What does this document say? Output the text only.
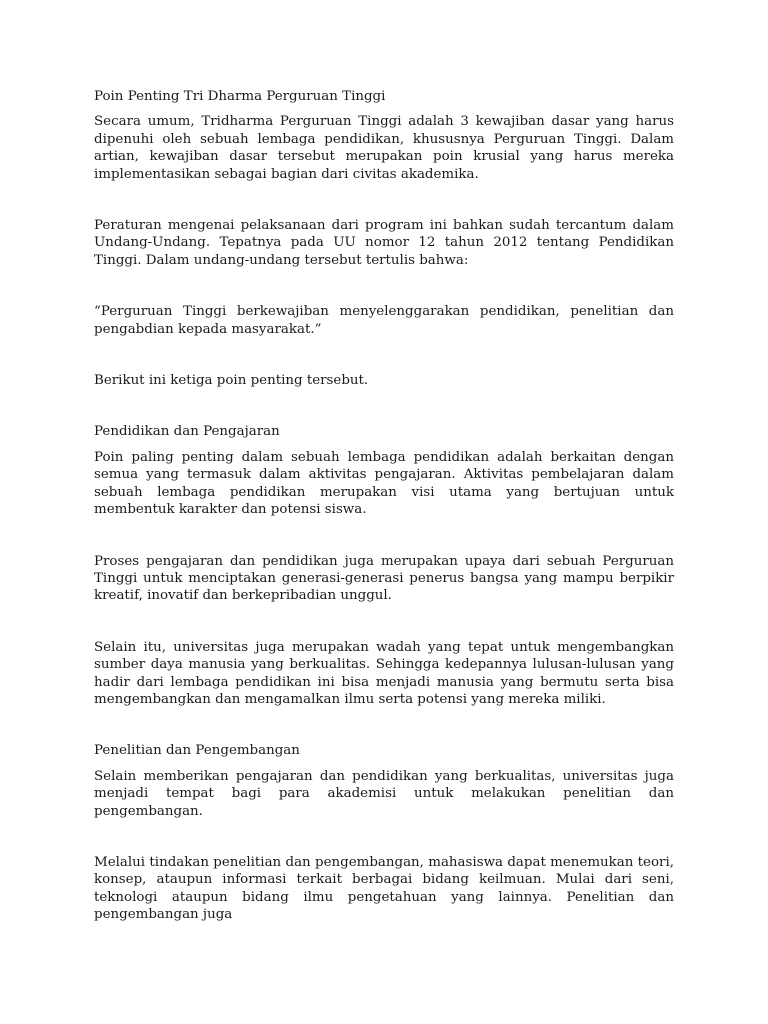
Poin Penting Tri Dharma Perguruan Tinggi

Secara umum, Tridharma Perguruan Tinggi adalah 3 kewajiban dasar yang harus dipenuhi oleh sebuah lembaga pendidikan, khususnya Perguruan Tinggi. Dalam artian, kewajiban dasar tersebut merupakan poin krusial yang harus mereka implementasikan sebagai bagian dari civitas akademika.

Peraturan mengenai pelaksanaan dari program ini bahkan sudah tercantum dalam Undang-Undang. Tepatnya pada UU nomor 12 tahun 2012 tentang Pendidikan Tinggi. Dalam undang-undang tersebut tertulis bahwa:

“Perguruan Tinggi berkewajiban menyelenggarakan pendidikan, penelitian dan pengabdian kepada masyarakat.”

Berikut ini ketiga poin penting tersebut.

Pendidikan dan Pengajaran

Poin paling penting dalam sebuah lembaga pendidikan adalah berkaitan dengan semua yang termasuk dalam aktivitas pengajaran. Aktivitas pembelajaran dalam sebuah lembaga pendidikan merupakan visi utama yang bertujuan untuk membentuk karakter dan potensi siswa.

Proses pengajaran dan pendidikan juga merupakan upaya dari sebuah Perguruan Tinggi untuk menciptakan generasi-generasi penerus bangsa yang mampu berpikir kreatif, inovatif dan berkepribadian unggul.

Selain itu, universitas juga merupakan wadah yang tepat untuk mengembangkan sumber daya manusia yang berkualitas. Sehingga kedepannya lulusan-lulusan yang hadir dari lembaga pendidikan ini bisa menjadi manusia yang bermutu serta bisa mengembangkan dan mengamalkan ilmu serta potensi yang mereka miliki.

Penelitian dan Pengembangan

Selain memberikan pengajaran dan pendidikan yang berkualitas, universitas juga menjadi tempat bagi para akademisi untuk melakukan penelitian dan pengembangan.

Melalui tindakan penelitian dan pengembangan, mahasiswa dapat menemukan teori, konsep, ataupun informasi terkait berbagai bidang keilmuan. Mulai dari seni, teknologi ataupun bidang ilmu pengetahuan yang lainnya. Penelitian dan pengembangan juga
